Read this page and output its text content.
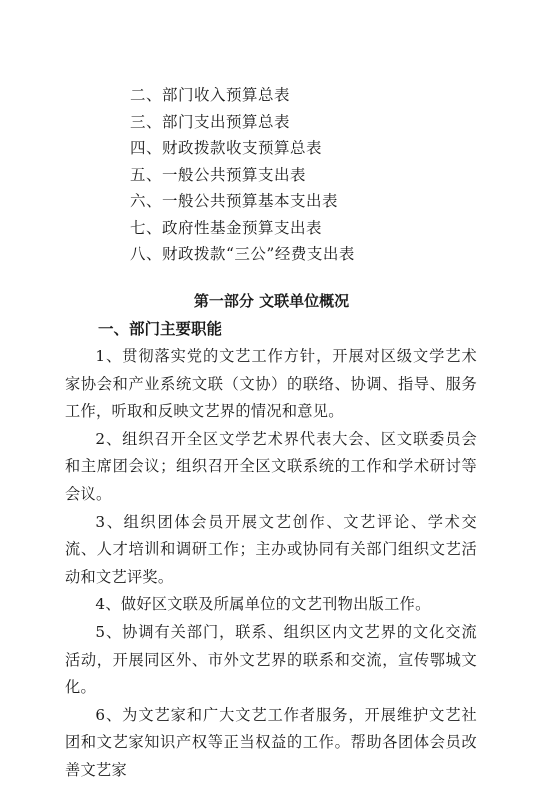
二、部门收入预算总表
三、部门支出预算总表
四、财政拨款收支预算总表
五、一般公共预算支出表
六、一般公共预算基本支出表
七、政府性基金预算支出表
八、财政拨款“三公”经费支出表
第一部分 文联单位概况
一、部门主要职能

1、贯彻落实党的文艺工作方针，开展对区级文学艺术家协会和产业系统文联（文协）的联络、协调、指导、服务工作，听取和反映文艺界的情况和意见。

2、组织召开全区文学艺术界代表大会、区文联委员会和主席团会议；组织召开全区文联系统的工作和学术研讨等会议。

3、组织团体会员开展文艺创作、文艺评论、学术交流、人才培训和调研工作；主办或协同有关部门组织文艺活动和文艺评奖。

4、做好区文联及所属单位的文艺刊物出版工作。

5、协调有关部门，联系、组织区内文艺界的文化交流活动，开展同区外、市外文艺界的联系和交流，宣传鄂城文化。

6、为文艺家和广大文艺工作者服务，开展维护文艺社团和文艺家知识产权等正当权益的工作。帮助各团体会员改善文艺家
